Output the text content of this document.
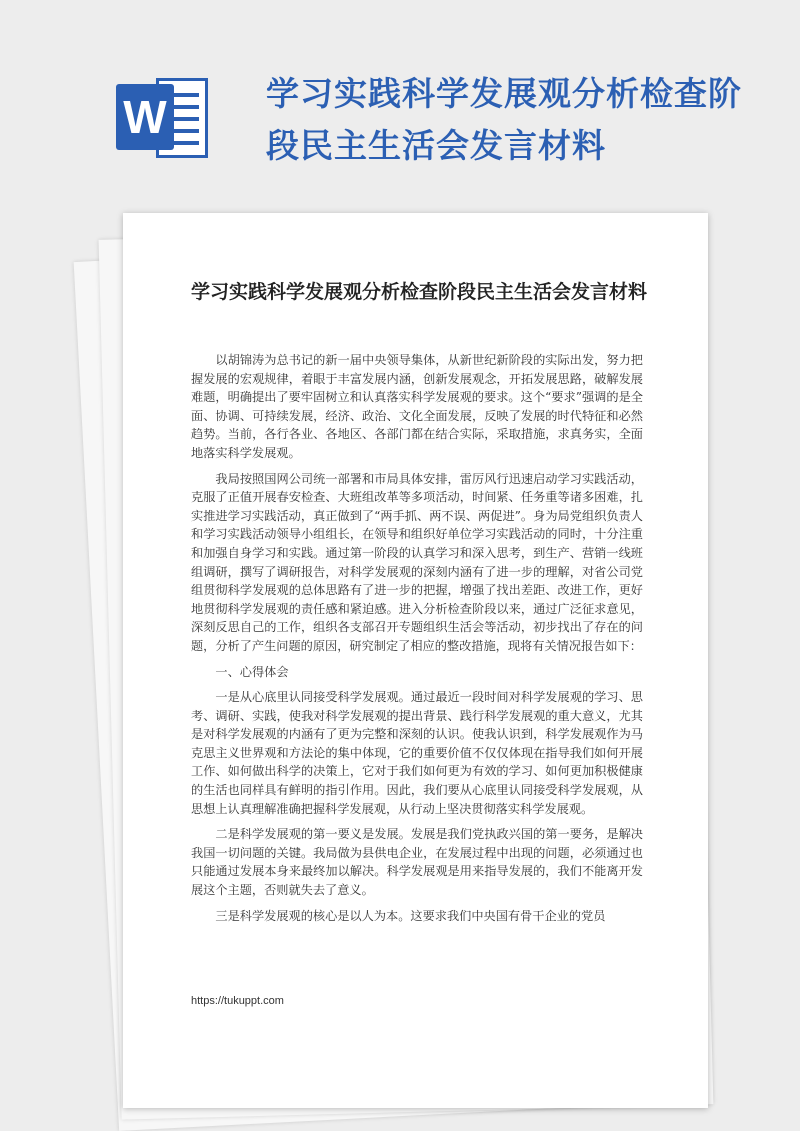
W	学习实践科学发展观分析检查阶段民主生活会发言材料
学习实践科学发展观分析检查阶段民主生活会发言材料

以胡锦涛为总书记的新一届中央领导集体，从新世纪新阶段的实际出发，努力把握发展的宏观规律，着眼于丰富发展内涵，创新发展观念，开拓发展思路，破解发展难题，明确提出了要牢固树立和认真落实科学发展观的要求。这个“要求”强调的是全面、协调、可持续发展，经济、政治、文化全面发展，反映了发展的时代特征和必然趋势。当前，各行各业、各地区、各部门都在结合实际，采取措施，求真务实，全面地落实科学发展观。

我局按照国网公司统一部署和市局具体安排，雷厉风行迅速启动学习实践活动，克服了正值开展春安检查、大班组改革等多项活动，时间紧、任务重等诸多困难，扎实推进学习实践活动，真正做到了“两手抓、两不误、两促进”。身为局党组织负责人和学习实践活动领导小组组长，在领导和组织好单位学习实践活动的同时，十分注重和加强自身学习和实践。通过第一阶段的认真学习和深入思考，到生产、营销一线班组调研，撰写了调研报告，对科学发展观的深刻内涵有了进一步的理解，对省公司党组贯彻科学发展观的总体思路有了进一步的把握，增强了找出差距、改进工作，更好地贯彻科学发展观的责任感和紧迫感。进入分析检查阶段以来，通过广泛征求意见，深刻反思自己的工作，组织各支部召开专题组织生活会等活动，初步找出了存在的问题，分析了产生问题的原因，研究制定了相应的整改措施，现将有关情况报告如下：

一、心得体会

一是从心底里认同接受科学发展观。通过最近一段时间对科学发展观的学习、思考、调研、实践，使我对科学发展观的提出背景、践行科学发展观的重大意义，尤其是对科学发展观的内涵有了更为完整和深刻的认识。使我认识到，科学发展观作为马克思主义世界观和方法论的集中体现，它的重要价值不仅仅体现在指导我们如何开展工作、如何做出科学的决策上，它对于我们如何更为有效的学习、如何更加积极健康的生活也同样具有鲜明的指引作用。因此，我们要从心底里认同接受科学发展观，从思想上认真理解准确把握科学发展观，从行动上坚决贯彻落实科学发展观。

二是科学发展观的第一要义是发展。发展是我们党执政兴国的第一要务，是解决我国一切问题的关键。我局做为县供电企业，在发展过程中出现的问题，必须通过也只能通过发展本身来最终加以解决。科学发展观是用来指导发展的，我们不能离开发展这个主题，否则就失去了意义。

三是科学发展观的核心是以人为本。这要求我们中央国有骨干企业的党员

https://tukuppt.com
